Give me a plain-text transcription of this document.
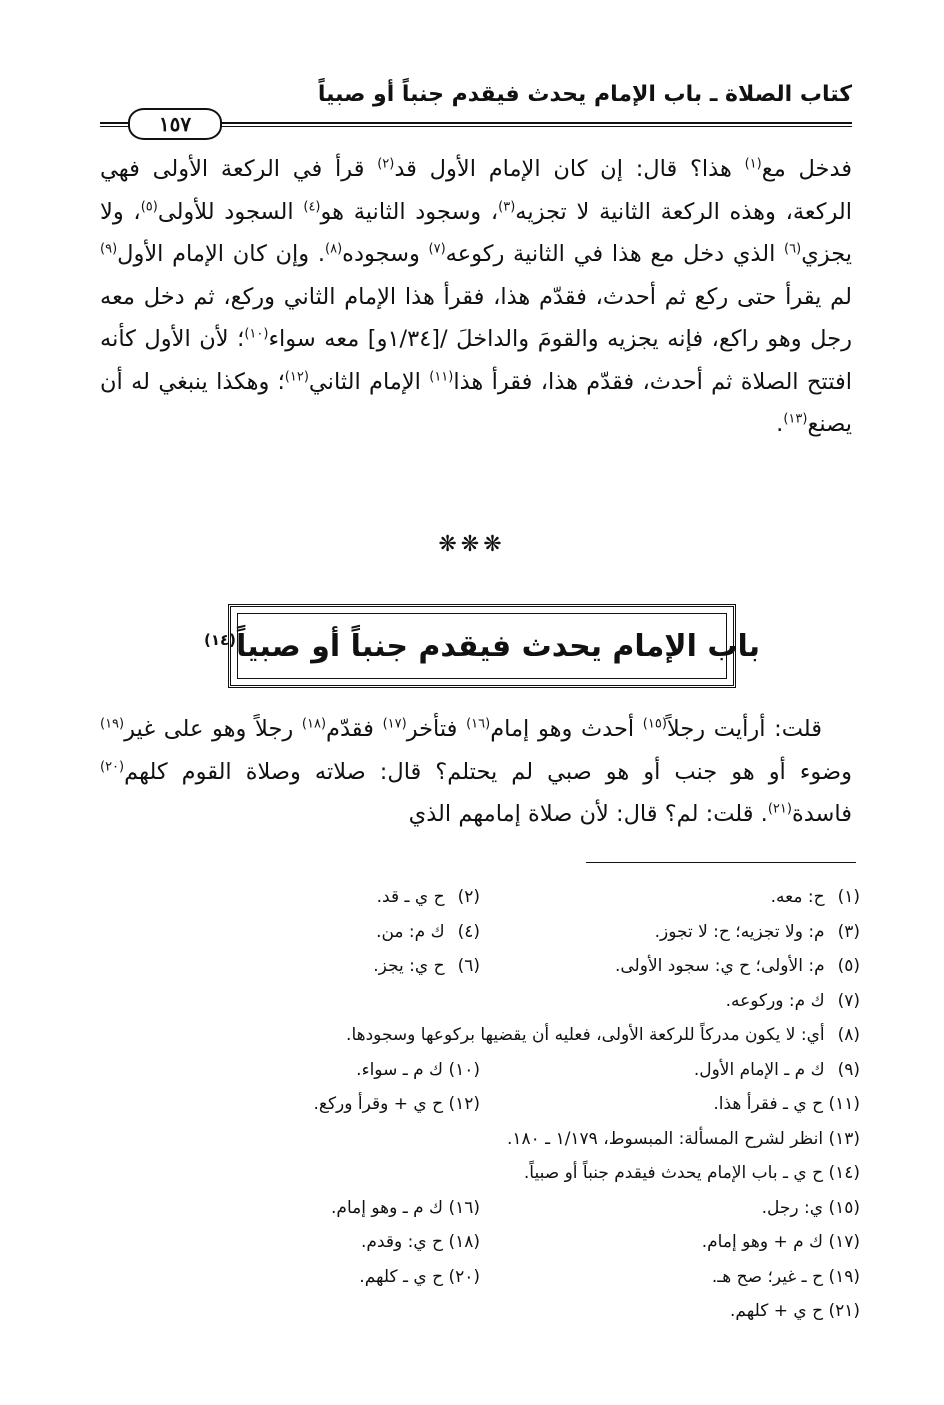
كتاب الصلاة ـ باب الإمام يحدث فيقدم جنباً أو صبياً
١٥٧

فدخل مع$^{(١)}$ هذا؟ قال: إن كان الإمام الأول قد$^{(٢)}$ قرأ في الركعة الأولى فهي الركعة، وهذه الركعة الثانية لا تجزيه$^{(٣)}$، وسجود الثانية هو$^{(٤)}$ السجود للأولى$^{(٥)}$، ولا يجزي$^{(٦)}$ الذي دخل مع هذا في الثانية ركوعه$^{(٧)}$ وسجوده$^{(٨)}$. وإن كان الإمام الأول$^{(٩)}$ لم يقرأ حتى ركع ثم أحدث، فقدّم هذا، فقرأ هذا الإمام الثاني وركع، ثم دخل معه رجل وهو راكع، فإنه يجزيه والقومَ والداخلَ /[١/٣٤و] معه سواء$^{(١٠)}$؛ لأن الأول كأنه افتتح الصلاة ثم أحدث، فقدّم هذا، فقرأ هذا$^{(١١)}$ الإمام الثاني$^{(١٢)}$؛ وهكذا ينبغي له أن يصنع$^{(١٣)}$.

❋❋❋
باب الإمام يحدث فيقدم جنباً أو صبياً$^{(١٤)}$

قلت: أرأيت رجلاً$^{(١٥)}$ أحدث وهو إمام$^{(١٦)}$ فتأخر$^{(١٧)}$ فقدّم$^{(١٨)}$ رجلاً وهو على غير$^{(١٩)}$ وضوء أو هو جنب أو هو صبي لم يحتلم؟ قال: صلاته وصلاة القوم كلهم$^{(٢٠)}$ فاسدة$^{(٢١)}$. قلت: لم؟ قال: لأن صلاة إمامهم الذي

(١) ح: معه.
(٢) ح ي ـ قد.
(٣) م: ولا تجزيه؛ ح: لا تجوز.
(٤) ك م: من.
(٥) م: الأولى؛ ح ي: سجود الأولى.
(٦) ح ي: يجز.
(٧) ك م: وركوعه.
(٨) أي: لا يكون مدركاً للركعة الأولى، فعليه أن يقضيها بركوعها وسجودها.
(٩) ك م ـ الإمام الأول.
(١٠) ك م ـ سواء.
(١١) ح ي ـ فقرأ هذا.
(١٢) ح ي + وقرأ وركع.
(١٣) انظر لشرح المسألة: المبسوط، ١/١٧٩ ـ ١٨٠.
(١٤) ح ي ـ باب الإمام يحدث فيقدم جنباً أو صبياً.
(١٥) ي: رجل.
(١٦) ك م ـ وهو إمام.
(١٧) ك م + وهو إمام.
(١٨) ح ي: وقدم.
(١٩) ح ـ غير؛ صح هـ.
(٢٠) ح ي ـ كلهم.
(٢١) ح ي + كلهم.
